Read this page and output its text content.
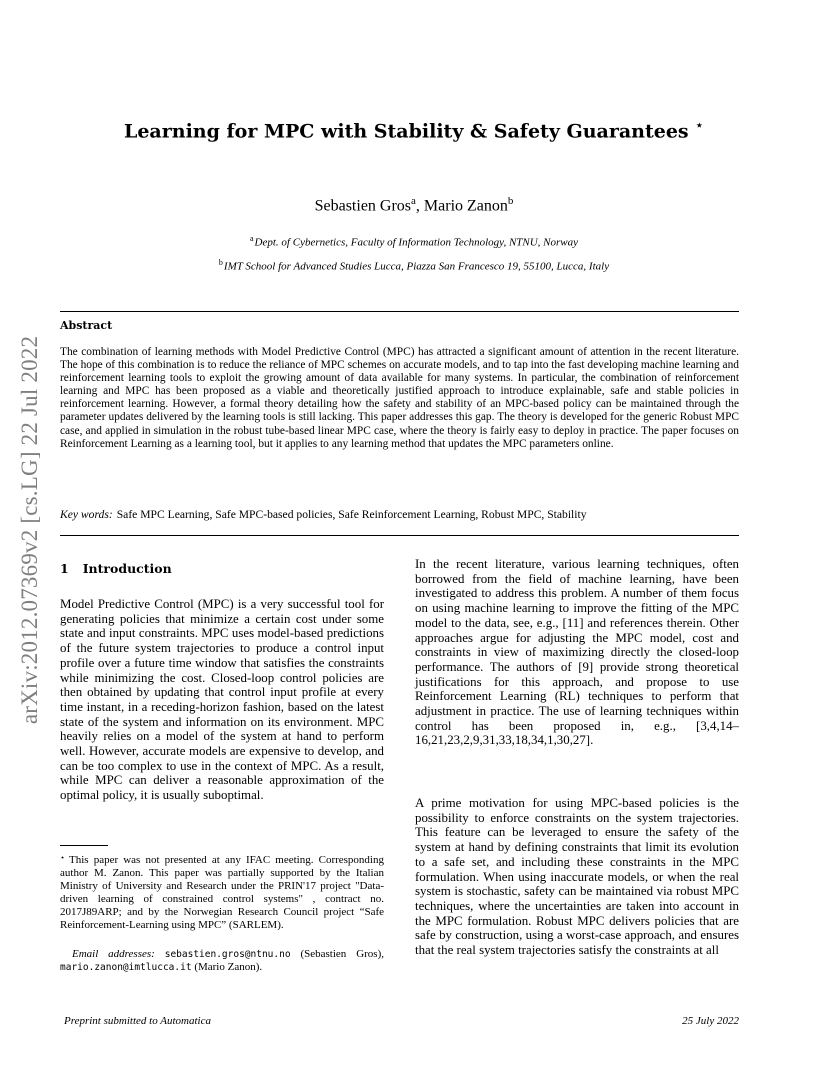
arXiv:2012.07369v2 [cs.LG] 22 Jul 2022
Learning for MPC with Stability & Safety Guarantees ⋆
Sebastien Gros$^a$, Mario Zanon$^b$
$^a$Dept. of Cybernetics, Faculty of Information Technology, NTNU, Norway
$^b$IMT School for Advanced Studies Lucca, Piazza San Francesco 19, 55100, Lucca, Italy
Abstract
The combination of learning methods with Model Predictive Control (MPC) has attracted a significant amount of attention in the recent literature. The hope of this combination is to reduce the reliance of MPC schemes on accurate models, and to tap into the fast developing machine learning and reinforcement learning tools to exploit the growing amount of data available for many systems. In particular, the combination of reinforcement learning and MPC has been proposed as a viable and theoretically justified approach to introduce explainable, safe and stable policies in reinforcement learning. However, a formal theory detailing how the safety and stability of an MPC-based policy can be maintained through the parameter updates delivered by the learning tools is still lacking. This paper addresses this gap. The theory is developed for the generic Robust MPC case, and applied in simulation in the robust tube-based linear MPC case, where the theory is fairly easy to deploy in practice. The paper focuses on Reinforcement Learning as a learning tool, but it applies to any learning method that updates the MPC parameters online.
Key words: Safe MPC Learning, Safe MPC-based policies, Safe Reinforcement Learning, Robust MPC, Stability
1 Introduction
Model Predictive Control (MPC) is a very successful tool for generating policies that minimize a certain cost under some state and input constraints. MPC uses model-based predictions of the future system trajectories to produce a control input profile over a future time window that satisfies the constraints while minimizing the cost. Closed-loop control policies are then obtained by updating that control input profile at every time instant, in a receding-horizon fashion, based on the latest state of the system and information on its environment. MPC heavily relies on a model of the system at hand to perform well. However, accurate models are expensive to develop, and can be too complex to use in the context of MPC. As a result, while MPC can deliver a reasonable approximation of the optimal policy, it is usually suboptimal.
⋆ This paper was not presented at any IFAC meeting. Corresponding author M. Zanon. This paper was partially supported by the Italian Ministry of University and Research under the PRIN'17 project "Data-driven learning of constrained control systems" , contract no. 2017J89ARP; and by the Norwegian Research Council project “Safe Reinforcement-Learning using MPC” (SARLEM).
Email addresses: sebastien.gros@ntnu.no (Sebastien Gros), mario.zanon@imtlucca.it (Mario Zanon).
In the recent literature, various learning techniques, often borrowed from the field of machine learning, have been investigated to address this problem. A number of them focus on using machine learning to improve the fitting of the MPC model to the data, see, e.g., [11] and references therein. Other approaches argue for adjusting the MPC model, cost and constraints in view of maximizing directly the closed-loop performance. The authors of [9] provide strong theoretical justifications for this approach, and propose to use Reinforcement Learning (RL) techniques to perform that adjustment in practice. The use of learning techniques within control has been proposed in, e.g., [3,4,14–16,21,23,2,9,31,33,18,34,1,30,27].
A prime motivation for using MPC-based policies is the possibility to enforce constraints on the system trajectories. This feature can be leveraged to ensure the safety of the system at hand by defining constraints that limit its evolution to a safe set, and including these constraints in the MPC formulation. When using inaccurate models, or when the real system is stochastic, safety can be maintained via robust MPC techniques, where the uncertainties are taken into account in the MPC formulation. Robust MPC delivers policies that are safe by construction, using a worst-case approach, and ensures that the real system trajectories satisfy the constraints at all
Preprint submitted to Automatica	25 July 2022
